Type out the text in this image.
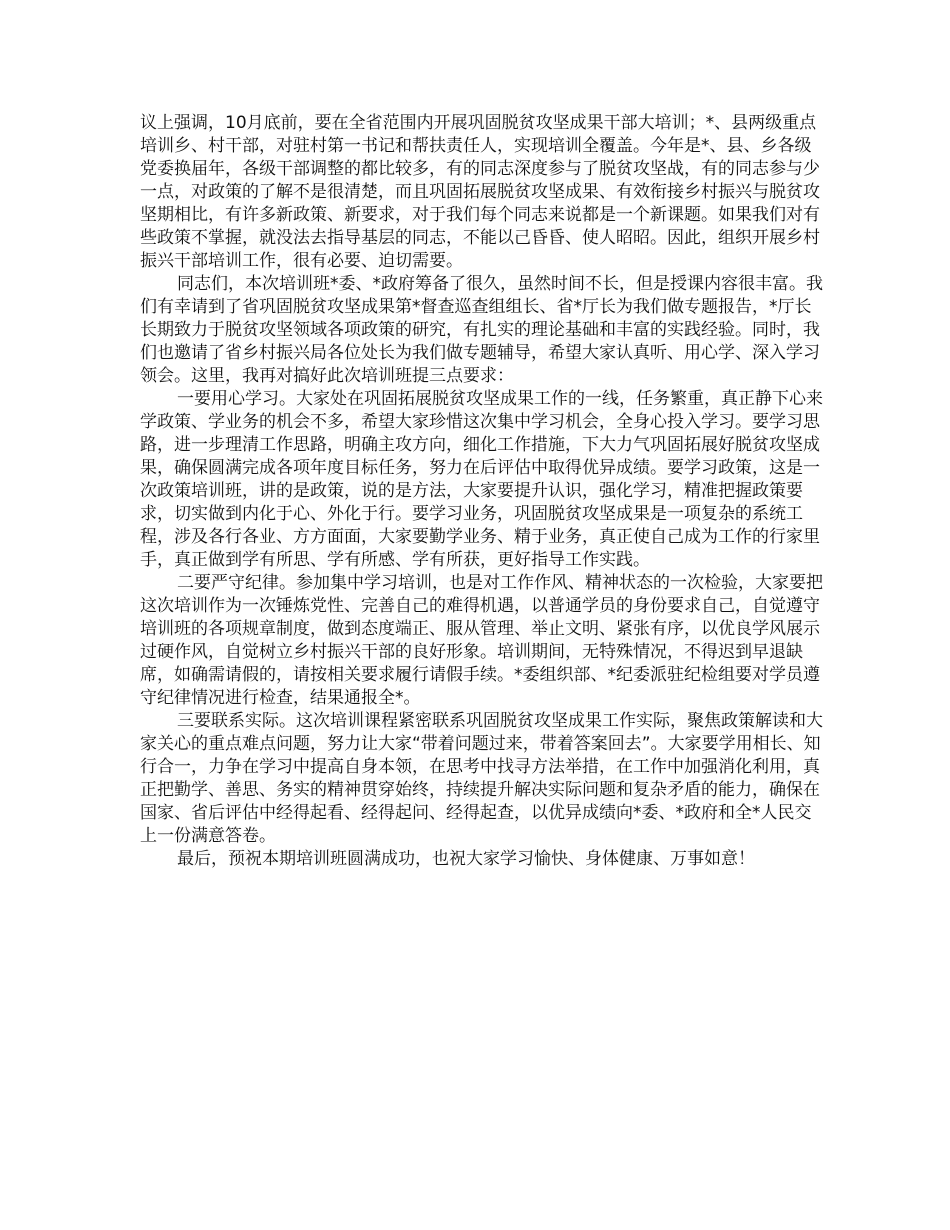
议上强调，10月底前，要在全省范围内开展巩固脱贫攻坚成果干部大培训；*、县两级重点培训乡、村干部，对驻村第一书记和帮扶责任人，实现培训全覆盖。今年是*、县、乡各级党委换届年，各级干部调整的都比较多，有的同志深度参与了脱贫攻坚战，有的同志参与少一点，对政策的了解不是很清楚，而且巩固拓展脱贫攻坚成果、有效衔接乡村振兴与脱贫攻坚期相比，有许多新政策、新要求，对于我们每个同志来说都是一个新课题。如果我们对有些政策不掌握，就没法去指导基层的同志，不能以己昏昏、使人昭昭。因此，组织开展乡村振兴干部培训工作，很有必要、迫切需要。

同志们，本次培训班*委、*政府筹备了很久，虽然时间不长，但是授课内容很丰富。我们有幸请到了省巩固脱贫攻坚成果第*督查巡查组组长、省*厅长为我们做专题报告，*厅长长期致力于脱贫攻坚领域各项政策的研究，有扎实的理论基础和丰富的实践经验。同时，我们也邀请了省乡村振兴局各位处长为我们做专题辅导，希望大家认真听、用心学、深入学习领会。这里，我再对搞好此次培训班提三点要求：

一要用心学习。大家处在巩固拓展脱贫攻坚成果工作的一线，任务繁重，真正静下心来学政策、学业务的机会不多，希望大家珍惜这次集中学习机会，全身心投入学习。要学习思路，进一步理清工作思路，明确主攻方向，细化工作措施，下大力气巩固拓展好脱贫攻坚成果，确保圆满完成各项年度目标任务，努力在后评估中取得优异成绩。要学习政策，这是一次政策培训班，讲的是政策，说的是方法，大家要提升认识，强化学习，精准把握政策要求，切实做到内化于心、外化于行。要学习业务，巩固脱贫攻坚成果是一项复杂的系统工程，涉及各行各业、方方面面，大家要勤学业务、精于业务，真正使自己成为工作的行家里手，真正做到学有所思、学有所感、学有所获，更好指导工作实践。

二要严守纪律。参加集中学习培训，也是对工作作风、精神状态的一次检验，大家要把这次培训作为一次锤炼党性、完善自己的难得机遇，以普通学员的身份要求自己，自觉遵守培训班的各项规章制度，做到态度端正、服从管理、举止文明、紧张有序，以优良学风展示过硬作风，自觉树立乡村振兴干部的良好形象。培训期间，无特殊情况，不得迟到早退缺席，如确需请假的，请按相关要求履行请假手续。*委组织部、*纪委派驻纪检组要对学员遵守纪律情况进行检查，结果通报全*。

三要联系实际。这次培训课程紧密联系巩固脱贫攻坚成果工作实际，聚焦政策解读和大家关心的重点难点问题，努力让大家“带着问题过来，带着答案回去”。大家要学用相长、知行合一，力争在学习中提高自身本领，在思考中找寻方法举措，在工作中加强消化利用，真正把勤学、善思、务实的精神贯穿始终，持续提升解决实际问题和复杂矛盾的能力，确保在国家、省后评估中经得起看、经得起问、经得起查，以优异成绩向*委、*政府和全*人民交上一份满意答卷。

最后，预祝本期培训班圆满成功，也祝大家学习愉快、身体健康、万事如意！
